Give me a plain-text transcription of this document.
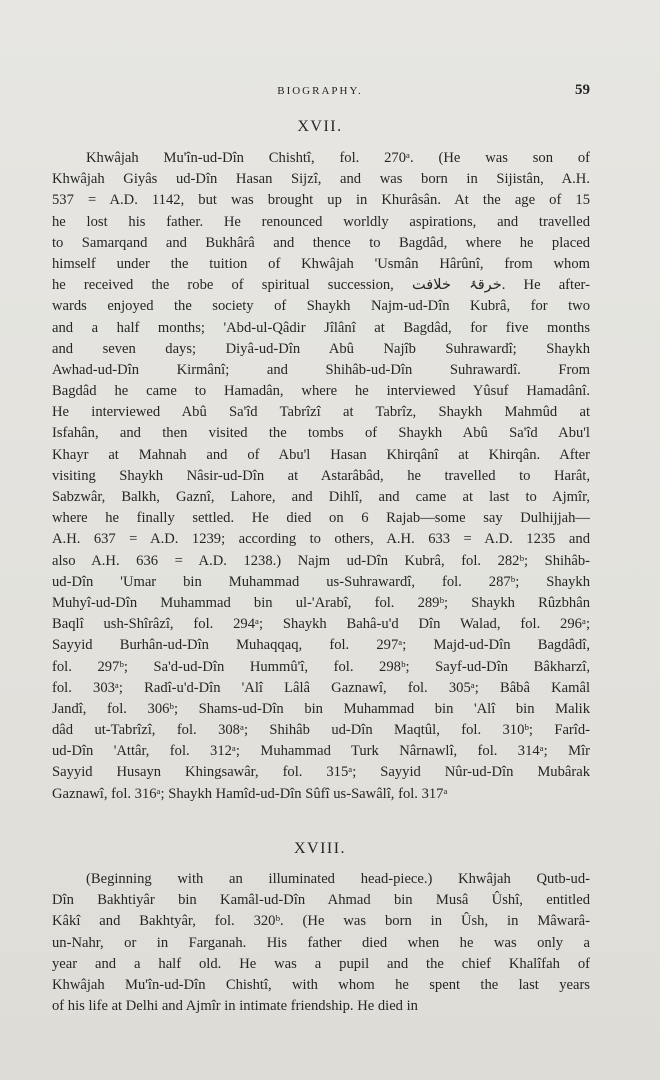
BIOGRAPHY.	59
XVII.
Khwâjah Mu'în-ud-Dîn Chishtî, fol. 270ᵃ. (He was son of
Khwâjah Giyâs ud-Dîn Hasan Sijzî, and was born in Sijistân, A.H.
537 = A.D. 1142, but was brought up in Khurâsân. At the age of 15
he lost his father. He renounced worldly aspirations, and travelled
to Samarqand and Bukhârâ and thence to Bagdâd, where he placed
himself under the tuition of Khwâjah 'Usmân Hârûnî, from whom
he received the robe of spiritual succession, خرقۂ خلافت. He after-
wards enjoyed the society of Shaykh Najm-ud-Dîn Kubrâ, for two
and a half months; 'Abd-ul-Qâdir Jîlânî at Bagdâd, for five months
and seven days; Diyâ-ud-Dîn Abû Najîb Suhrawardî; Shaykh
Awhad-ud-Dîn Kirmânî; and Shihâb-ud-Dîn Suhrawardî. From
Bagdâd he came to Hamadân, where he interviewed Yûsuf Hamadânî.
He interviewed Abû Sa'îd Tabrîzî at Tabrîz, Shaykh Mahmûd at
Isfahân, and then visited the tombs of Shaykh Abû Sa'îd Abu'l
Khayr at Mahnah and of Abu'l Hasan Khirqânî at Khirqân. After
visiting Shaykh Nâsir-ud-Dîn at Astarâbâd, he travelled to Harât,
Sabzwâr, Balkh, Gaznî, Lahore, and Dihlî, and came at last to Ajmîr,
where he finally settled. He died on 6 Rajab—some say Dulhijjah—
A.H. 637 = A.D. 1239; according to others, A.H. 633 = A.D. 1235 and
also A.H. 636 = A.D. 1238.) Najm ud-Dîn Kubrâ, fol. 282ᵇ; Shihâb-
ud-Dîn 'Umar bin Muhammad us-Suhrawardî, fol. 287ᵇ; Shaykh
Muhyî-ud-Dîn Muhammad bin ul-'Arabî, fol. 289ᵇ; Shaykh Rûzbhân
Baqlî ush-Shîrâzî, fol. 294ᵃ; Shaykh Bahâ-u'd Dîn Walad, fol. 296ᵃ;
Sayyid Burhân-ud-Dîn Muhaqqaq, fol. 297ᵃ; Majd-ud-Dîn Bagdâdî,
fol. 297ᵇ; Sa'd-ud-Dîn Hummû'î, fol. 298ᵇ; Sayf-ud-Dîn Bâkharzî,
fol. 303ᵃ; Radî-u'd-Dîn 'Alî Lâlâ Gaznawî, fol. 305ᵃ; Bâbâ Kamâl
Jandî, fol. 306ᵇ; Shams-ud-Dîn bin Muhammad bin 'Alî bin Malik
dâd ut-Tabrîzî, fol. 308ᵃ; Shihâb ud-Dîn Maqtûl, fol. 310ᵇ; Farîd-
ud-Dîn 'Attâr, fol. 312ᵃ; Muhammad Turk Nârnawlî, fol. 314ᵃ; Mîr
Sayyid Husayn Khingsawâr, fol. 315ᵃ; Sayyid Nûr-ud-Dîn Mubârak
Gaznawî, fol. 316ᵃ; Shaykh Hamîd-ud-Dîn Sûfî us-Sawâlî, fol. 317ᵃ
XVIII.
(Beginning with an illuminated head-piece.) Khwâjah Qutb-ud-
Dîn Bakhtiyâr bin Kamâl-ud-Dîn Ahmad bin Musâ Ûshî, entitled
Kâkî and Bakhtyâr, fol. 320ᵇ. (He was born in Ûsh, in Mâwarâ-
un-Nahr, or in Farganah. His father died when he was only a
year and a half old. He was a pupil and the chief Khalîfah of
Khwâjah Mu'în-ud-Dîn Chishtî, with whom he spent the last years
of his life at Delhi and Ajmîr in intimate friendship. He died in
